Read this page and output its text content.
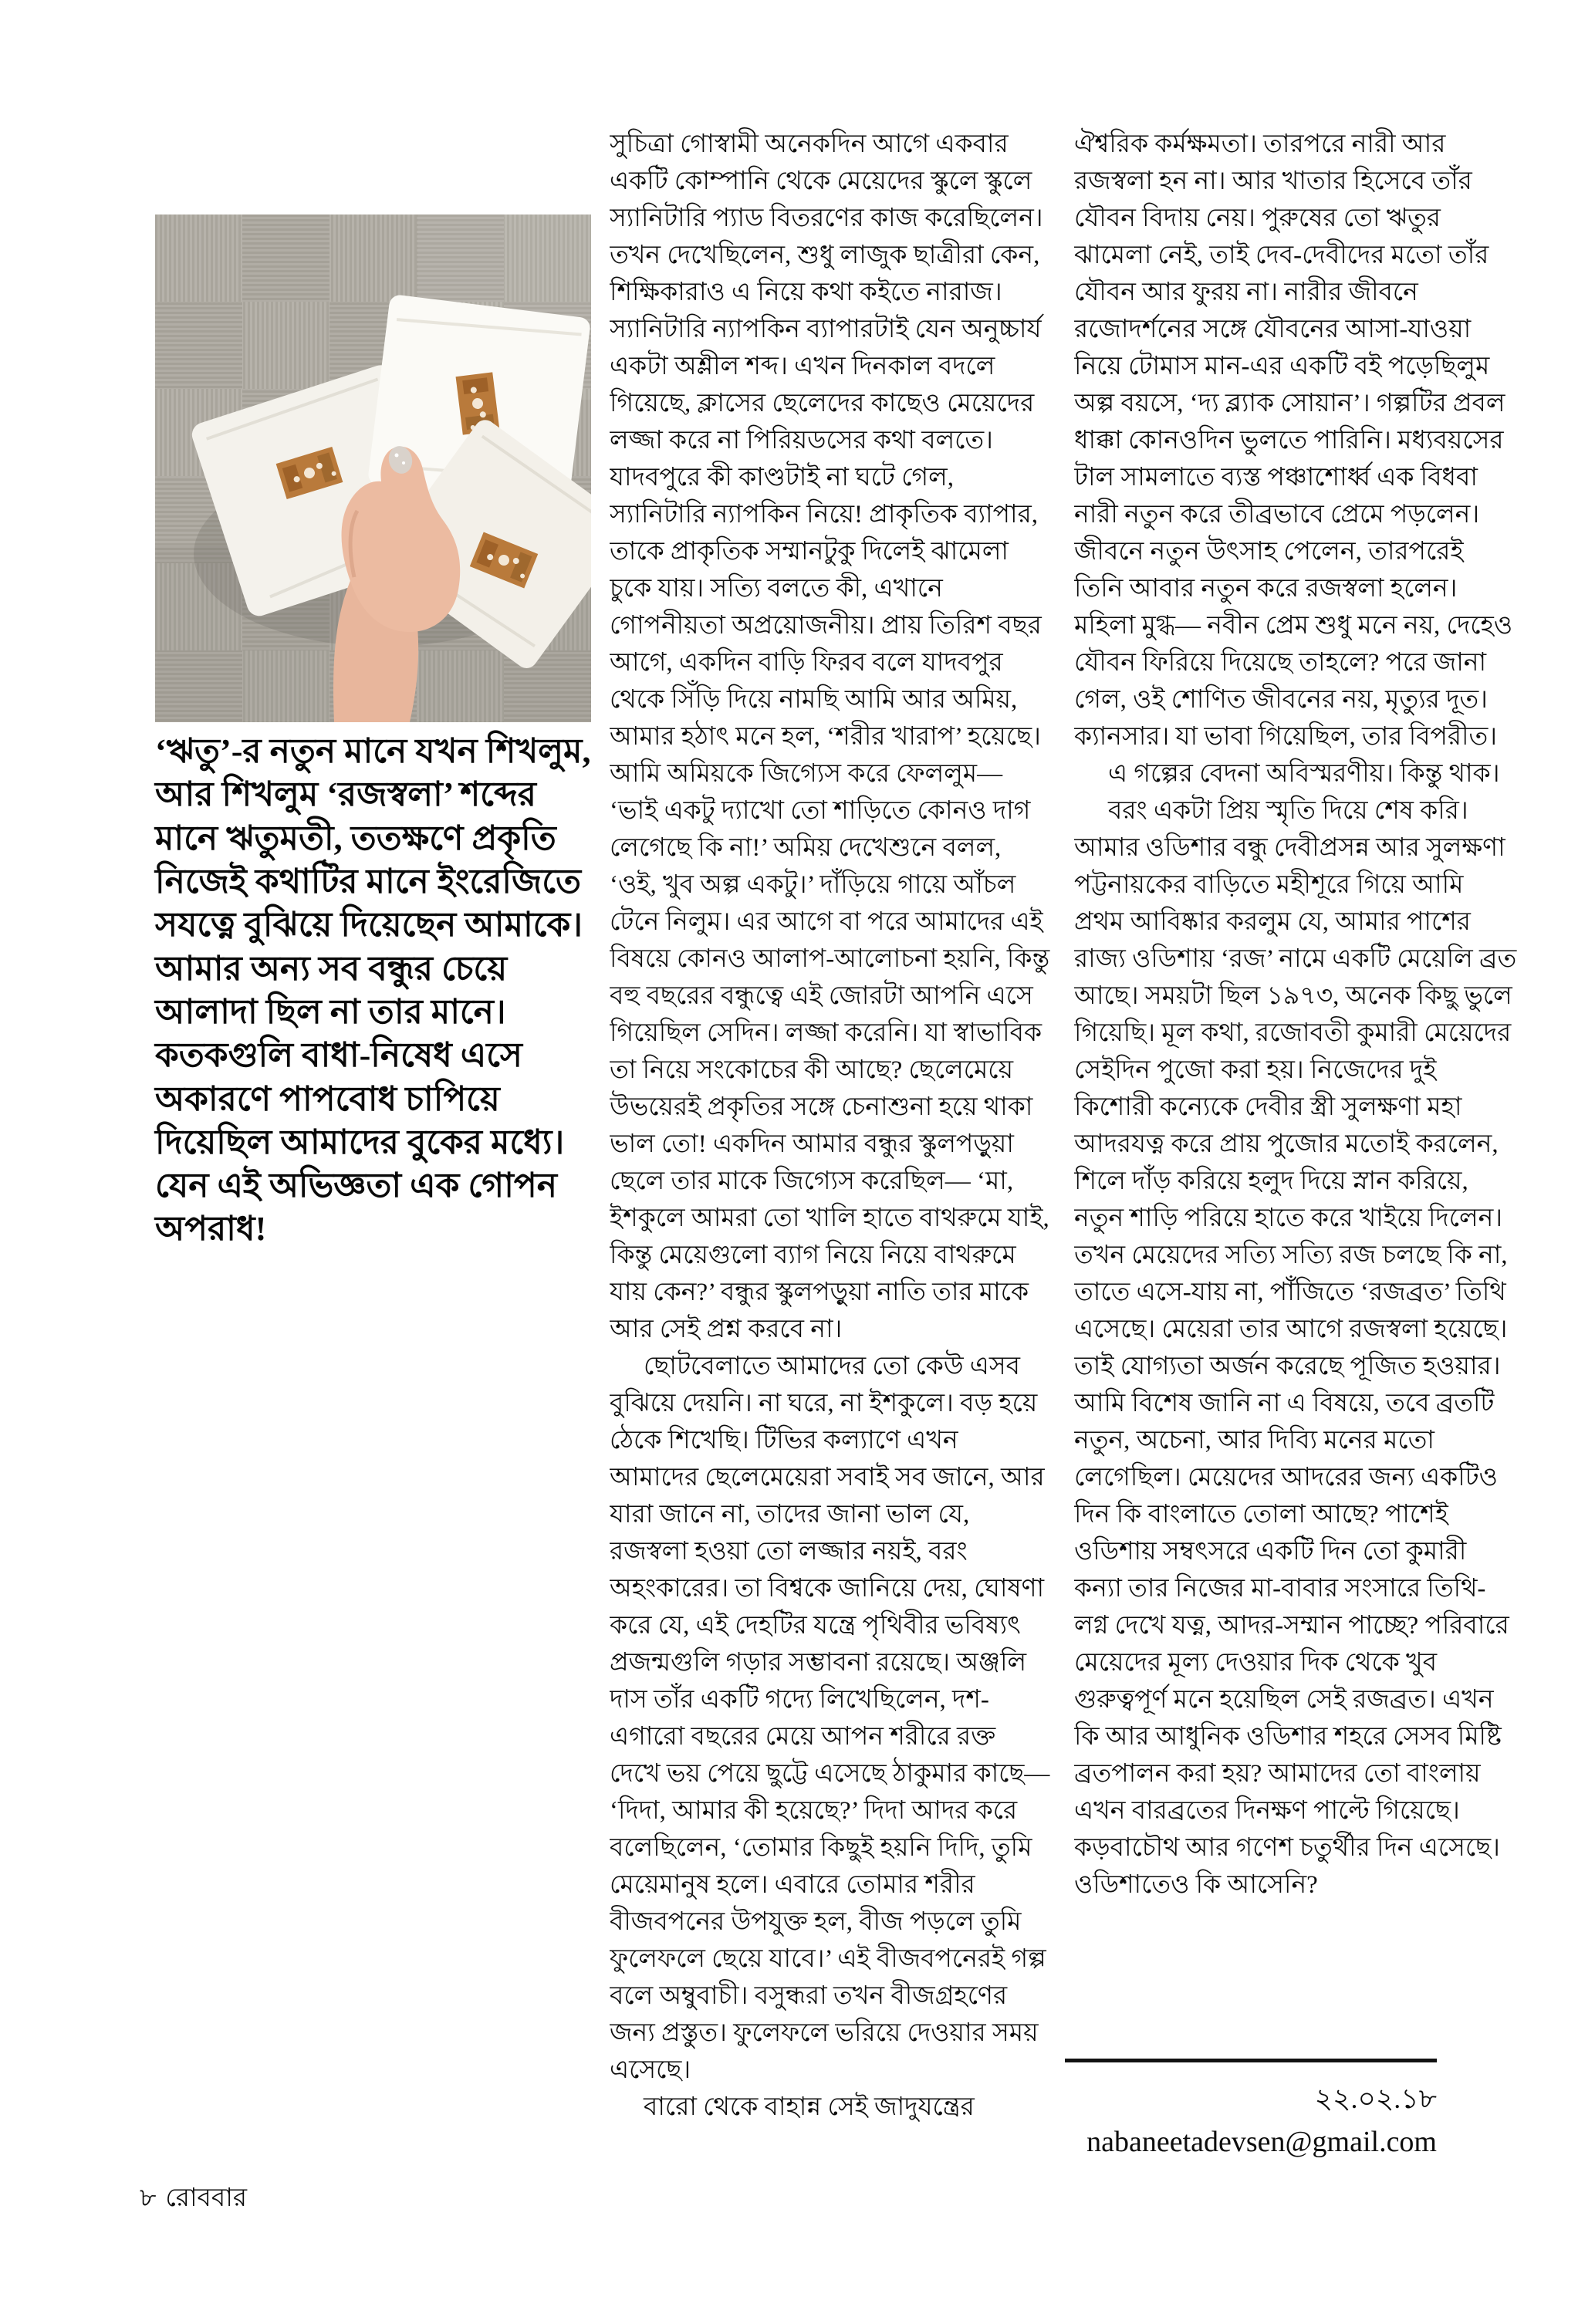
‘ঋতু’-র নতুন মানে যখন শিখলুম, আর শিখলুম ‘রজস্বলা’ শব্দের মানে ঋতুমতী, ততক্ষণে প্রকৃতি নিজেই কথাটির মানে ইংরেজিতে সযত্নে বুঝিয়ে দিয়েছেন আমাকে। আমার অন্য সব বন্ধুর চেয়ে আলাদা ছিল না তার মানে। কতকগুলি বাধা-নিষেধ এসে অকারণে পাপবোধ চাপিয়ে দিয়েছিল আমাদের বুকের মধ্যে। যেন এই অভিজ্ঞতা এক গোপন অপরাধ!

সুচিত্রা গোস্বামী অনেকদিন আগে একবার একটি কোম্পানি থেকে মেয়েদের স্কুলে স্কুলে স্যানিটারি প্যাড বিতরণের কাজ করেছিলেন। তখন দেখেছিলেন, শুধু লাজুক ছাত্রীরা কেন, শিক্ষিকারাও এ নিয়ে কথা কইতে নারাজ। স্যানিটারি ন্যাপকিন ব্যাপারটাই যেন অনুচ্চার্য একটা অশ্লীল শব্দ। এখন দিনকাল বদলে গিয়েছে, ক্লাসের ছেলেদের কাছেও মেয়েদের লজ্জা করে না পিরিয়ডসের কথা বলতে। যাদবপুরে কী কাণ্ডটাই না ঘটে গেল, স্যানিটারি ন্যাপকিন নিয়ে! প্রাকৃতিক ব্যাপার, তাকে প্রাকৃতিক সম্মানটুকু দিলেই ঝামেলা চুকে যায়। সত্যি বলতে কী, এখানে গোপনীয়তা অপ্রয়োজনীয়। প্রায় তিরিশ বছর আগে, একদিন বাড়ি ফিরব বলে যাদবপুর থেকে সিঁড়ি দিয়ে নামছি আমি আর অমিয়, আমার হঠাৎ মনে হল, ‘শরীর খারাপ’ হয়েছে। আমি অমিয়কে জিগ্যেস করে ফেললুম— ‘ভাই একটু দ্যাখো তো শাড়িতে কোনও দাগ লেগেছে কি না!’ অমিয় দেখেশুনে বলল, ‘ওই, খুব অল্প একটু।’ দাঁড়িয়ে গায়ে আঁচল টেনে নিলুম। এর আগে বা পরে আমাদের এই বিষয়ে কোনও আলাপ-আলোচনা হয়নি, কিন্তু বহু বছরের বন্ধুত্বে এই জোরটা আপনি এসে গিয়েছিল সেদিন। লজ্জা করেনি। যা স্বাভাবিক তা নিয়ে সংকোচের কী আছে? ছেলেমেয়ে উভয়েরই প্রকৃতির সঙ্গে চেনাশুনা হয়ে থাকা ভাল তো! একদিন আমার বন্ধুর স্কুলপড়ুয়া ছেলে তার মাকে জিগ্যেস করেছিল— ‘মা, ইশকুলে আমরা তো খালি হাতে বাথরুমে যাই, কিন্তু মেয়েগুলো ব্যাগ নিয়ে নিয়ে বাথরুমে যায় কেন?’ বন্ধুর স্কুলপড়ুয়া নাতি তার মাকে আর সেই প্রশ্ন করবে না।

ছোটবেলাতে আমাদের তো কেউ এসব বুঝিয়ে দেয়নি। না ঘরে, না ইশকুলে। বড় হয়ে ঠেকে শিখেছি। টিভির কল্যাণে এখন আমাদের ছেলেমেয়েরা সবাই সব জানে, আর যারা জানে না, তাদের জানা ভাল যে, রজস্বলা হওয়া তো লজ্জার নয়ই, বরং অহংকারের। তা বিশ্বকে জানিয়ে দেয়, ঘোষণা করে যে, এই দেহটির যন্ত্রে পৃথিবীর ভবিষ্যৎ প্রজন্মগুলি গড়ার সম্ভাবনা রয়েছে। অঞ্জলি দাস তাঁর একটি গদ্যে লিখেছিলেন, দশ-এগারো বছরের মেয়ে আপন শরীরে রক্ত দেখে ভয় পেয়ে ছুট্টে এসেছে ঠাকুমার কাছে— ‘দিদা, আমার কী হয়েছে?’ দিদা আদর করে বলেছিলেন, ‘তোমার কিছুই হয়নি দিদি, তুমি মেয়েমানুষ হলে। এবারে তোমার শরীর বীজবপনের উপযুক্ত হল, বীজ পড়লে তুমি ফুলেফলে ছেয়ে যাবে।’ এই বীজবপনেরই গল্প বলে অম্বুবাচী। বসুন্ধরা তখন বীজগ্রহণের জন্য প্রস্তুত। ফুলেফলে ভরিয়ে দেওয়ার সময় এসেছে।

বারো থেকে বাহান্ন সেই জাদুযন্ত্রের

ঐশ্বরিক কর্মক্ষমতা। তারপরে নারী আর রজস্বলা হন না। আর খাতার হিসেবে তাঁর যৌবন বিদায় নেয়। পুরুষের তো ঋতুর ঝামেলা নেই, তাই দেব-দেবীদের মতো তাঁর যৌবন আর ফুরয় না। নারীর জীবনে রজোদর্শনের সঙ্গে যৌবনের আসা-যাওয়া নিয়ে টোমাস মান-এর একটি বই পড়েছিলুম অল্প বয়সে, ‘দ্য ব্ল্যাক সোয়ান’। গল্পটির প্রবল ধাক্কা কোনওদিন ভুলতে পারিনি। মধ্যবয়সের টাল সামলাতে ব্যস্ত পঞ্চাশোর্ধ্ব এক বিধবা নারী নতুন করে তীব্রভাবে প্রেমে পড়লেন। জীবনে নতুন উৎসাহ পেলেন, তারপরেই তিনি আবার নতুন করে রজস্বলা হলেন। মহিলা মুগ্ধ— নবীন প্রেম শুধু মনে নয়, দেহেও যৌবন ফিরিয়ে দিয়েছে তাহলে? পরে জানা গেল, ওই শোণিত জীবনের নয়, মৃত্যুর দূত। ক্যানসার। যা ভাবা গিয়েছিল, তার বিপরীত।

এ গল্পের বেদনা অবিস্মরণীয়। কিন্তু থাক।

বরং একটা প্রিয় স্মৃতি দিয়ে শেষ করি। আমার ওডিশার বন্ধু দেবীপ্রসন্ন আর সুলক্ষণা পট্টনায়কের বাড়িতে মহীশূরে গিয়ে আমি প্রথম আবিষ্কার করলুম যে, আমার পাশের রাজ্য ওডিশায় ‘রজ’ নামে একটি মেয়েলি ব্রত আছে। সময়টা ছিল ১৯৭৩, অনেক কিছু ভুলে গিয়েছি। মূল কথা, রজোবতী কুমারী মেয়েদের সেইদিন পুজো করা হয়। নিজেদের দুই কিশোরী কন্যেকে দেবীর স্ত্রী সুলক্ষণা মহা আদরযত্ন করে প্রায় পুজোর মতোই করলেন, শিলে দাঁড় করিয়ে হলুদ দিয়ে স্নান করিয়ে, নতুন শাড়ি পরিয়ে হাতে করে খাইয়ে দিলেন। তখন মেয়েদের সত্যি সত্যি রজ চলছে কি না, তাতে এসে-যায় না, পাঁজিতে ‘রজব্রত’ তিথি এসেছে। মেয়েরা তার আগে রজস্বলা হয়েছে। তাই যোগ্যতা অর্জন করেছে পূজিত হওয়ার। আমি বিশেষ জানি না এ বিষয়ে, তবে ব্রতটি নতুন, অচেনা, আর দিব্যি মনের মতো লেগেছিল। মেয়েদের আদরের জন্য একটিও দিন কি বাংলাতে তোলা আছে? পাশেই ওডিশায় সম্বৎসরে একটি দিন তো কুমারী কন্যা তার নিজের মা-বাবার সংসারে তিথি-লগ্ন দেখে যত্ন, আদর-সম্মান পাচ্ছে? পরিবারে মেয়েদের মূল্য দেওয়ার দিক থেকে খুব গুরুত্বপূর্ণ মনে হয়েছিল সেই রজব্রত। এখন কি আর আধুনিক ওডিশার শহরে সেসব মিষ্টি ব্রতপালন করা হয়? আমাদের তো বাংলায় এখন বারব্রতের দিনক্ষণ পাল্টে গিয়েছে। কড়বাচৌথ আর গণেশ চতুর্থীর দিন এসেছে। ওডিশাতেও কি আসেনি?

২২.০২.১৮
nabaneetadevsen@gmail.com
৮ রোববার
